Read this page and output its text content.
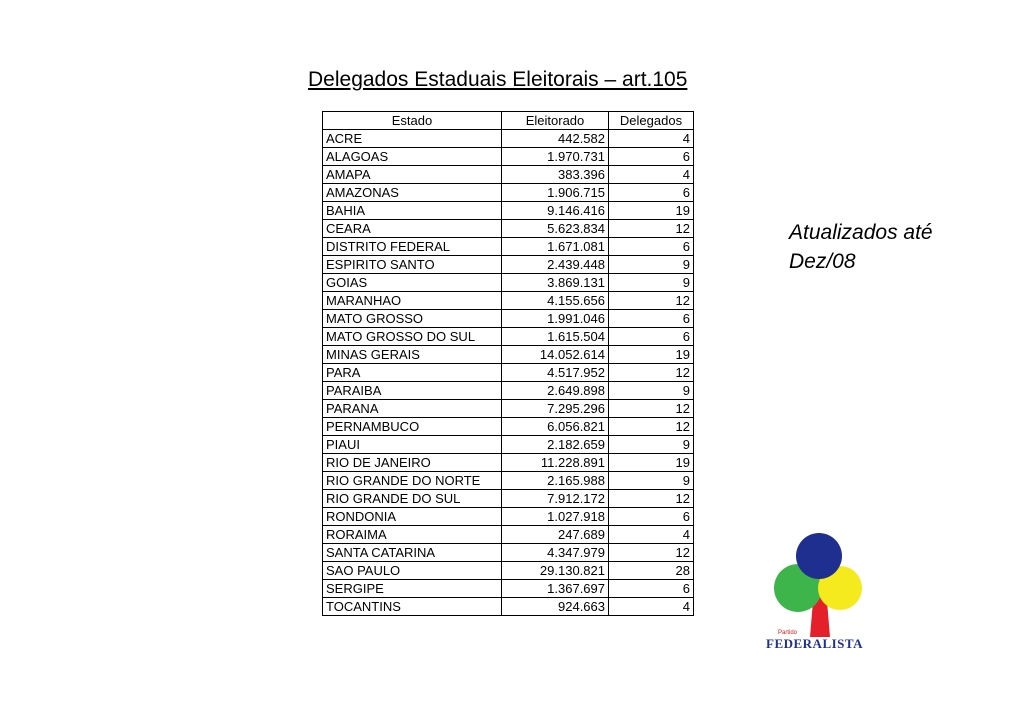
Delegados Estaduais Eleitorais – art.105
Estado	Eleitorado	Delegados
ACRE	442.582	4
ALAGOAS	1.970.731	6
AMAPA	383.396	4
AMAZONAS	1.906.715	6
BAHIA	9.146.416	19
CEARA	5.623.834	12
DISTRITO FEDERAL	1.671.081	6
ESPIRITO SANTO	2.439.448	9
GOIAS	3.869.131	9
MARANHAO	4.155.656	12
MATO GROSSO	1.991.046	6
MATO GROSSO DO SUL	1.615.504	6
MINAS GERAIS	14.052.614	19
PARA	4.517.952	12
PARAIBA	2.649.898	9
PARANA	7.295.296	12
PERNAMBUCO	6.056.821	12
PIAUI	2.182.659	9
RIO DE JANEIRO	11.228.891	19
RIO GRANDE DO NORTE	2.165.988	9
RIO GRANDE DO SUL	7.912.172	12
RONDONIA	1.027.918	6
RORAIMA	247.689	4
SANTA CATARINA	4.347.979	12
SAO PAULO	29.130.821	28
SERGIPE	1.367.697	6
TOCANTINS	924.663	4
Atualizados até
Dez/08
Partido
FEDERALISTA
